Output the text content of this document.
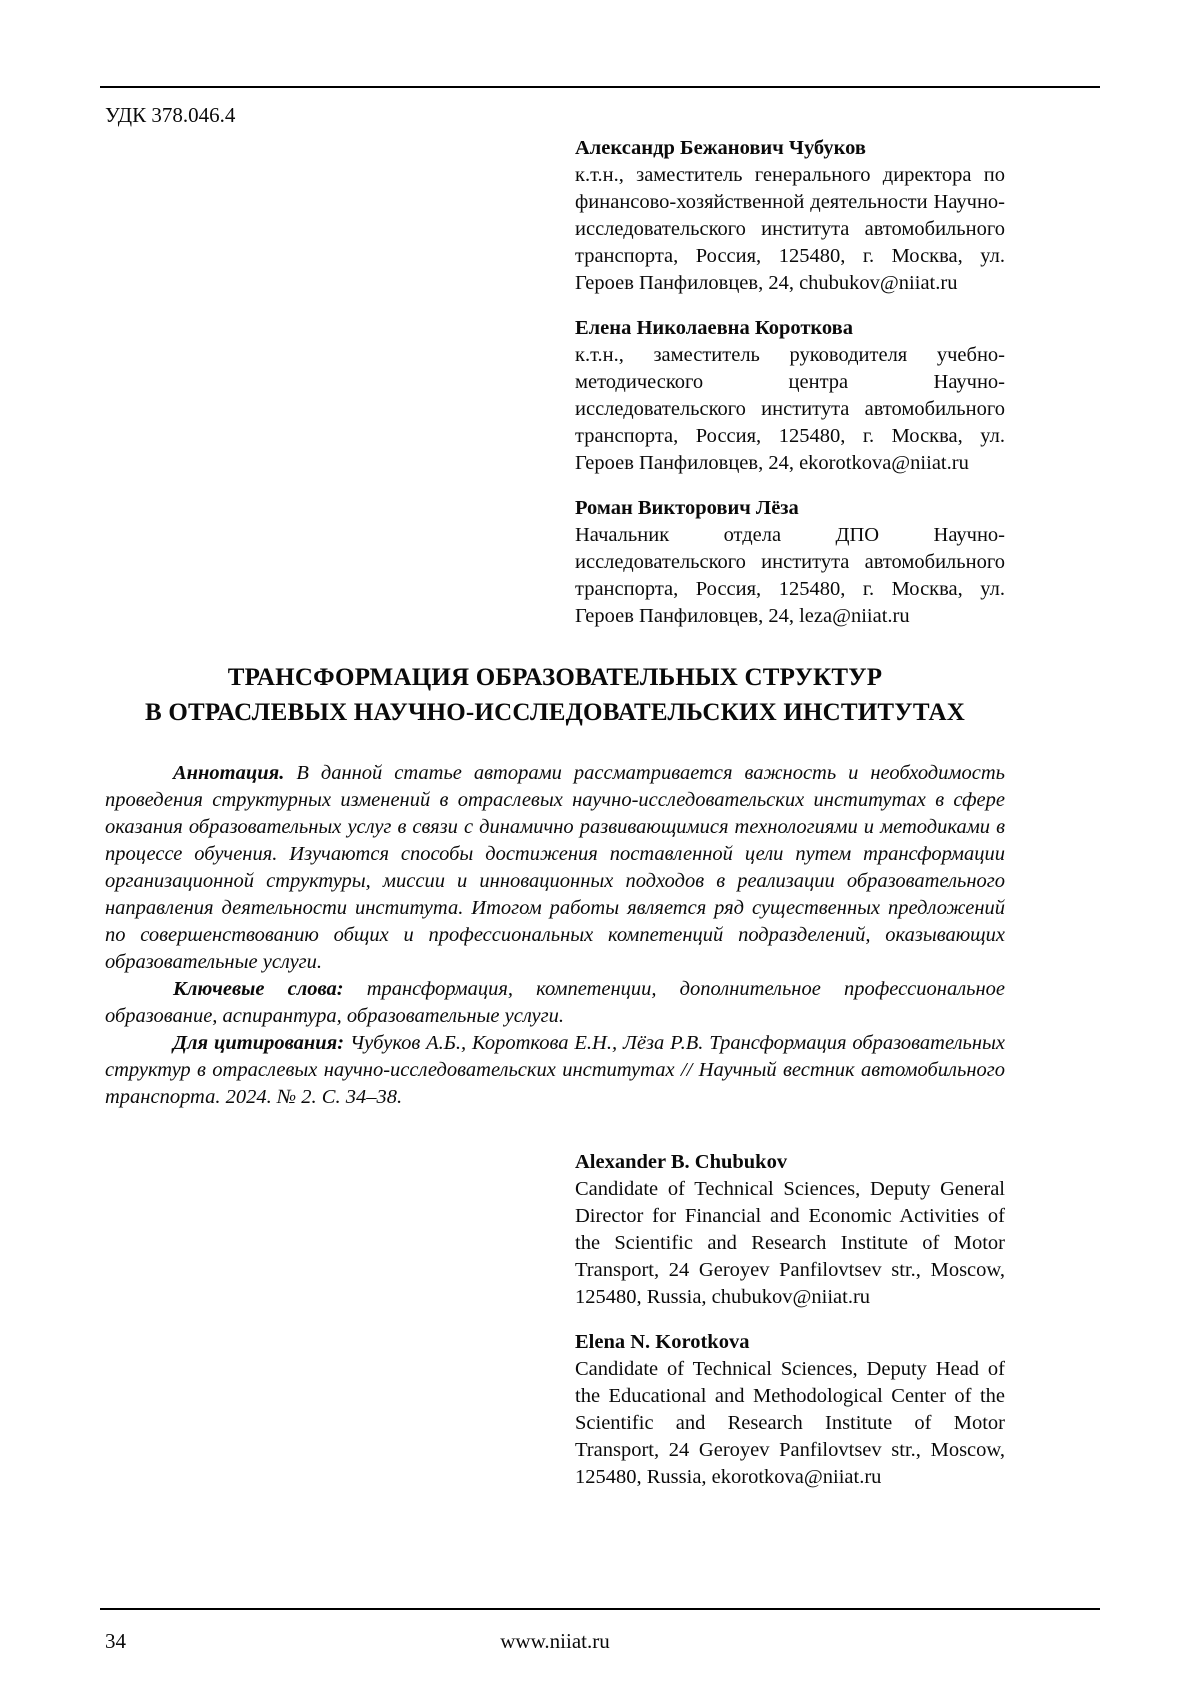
УДК 378.046.4

Александр Бежанович Чубуков

к.т.н., заместитель генерального директора по финансово-хозяйственной деятельности Научно-исследовательского института автомобильного транспорта, Россия, 125480, г. Москва, ул. Героев Панфиловцев, 24, chubukov@niiat.ru

Елена Николаевна Короткова

к.т.н., заместитель руководителя учебно-методического центра Научно-исследовательского института автомобильного транспорта, Россия, 125480, г. Москва, ул. Героев Панфиловцев, 24, ekorotkova@niiat.ru

Роман Викторович Лёза

Начальник отдела ДПО Научно-исследовательского института автомобильного транспорта, Россия, 125480, г. Москва, ул. Героев Панфиловцев, 24, leza@niiat.ru

ТРАНСФОРМАЦИЯ ОБРАЗОВАТЕЛЬНЫХ СТРУКТУР
В ОТРАСЛЕВЫХ НАУЧНО-ИССЛЕДОВАТЕЛЬСКИХ ИНСТИТУТАХ

Аннотация. В данной статье авторами рассматривается важность и необходимость проведения структурных изменений в отраслевых научно-исследовательских институтах в сфере оказания образовательных услуг в связи с динамично развивающимися технологиями и методиками в процессе обучения. Изучаются способы достижения поставленной цели путем трансформации организационной структуры, миссии и инновационных подходов в реализации образовательного направления деятельности института. Итогом работы является ряд существенных предложений по совершенствованию общих и профессиональных компетенций подразделений, оказывающих образовательные услуги.

Ключевые слова: трансформация, компетенции, дополнительное профессиональное образование, аспирантура, образовательные услуги.

Для цитирования: Чубуков А.Б., Короткова Е.Н., Лёза Р.В. Трансформация образовательных структур в отраслевых научно-исследовательских институтах // Научный вестник автомобильного транспорта. 2024. № 2. С. 34–38.

Alexander B. Chubukov

Candidate of Technical Sciences, Deputy General Director for Financial and Economic Activities of the Scientific and Research Institute of Motor Transport, 24 Geroyev Panfilovtsev str., Moscow, 125480, Russia, chubukov@niiat.ru

Elena N. Korotkova

Candidate of Technical Sciences, Deputy Head of the Educational and Methodological Center of the Scientific and Research Institute of Motor Transport, 24 Geroyev Panfilovtsev str., Moscow, 125480, Russia, ekorotkova@niiat.ru

34	www.niiat.ru
